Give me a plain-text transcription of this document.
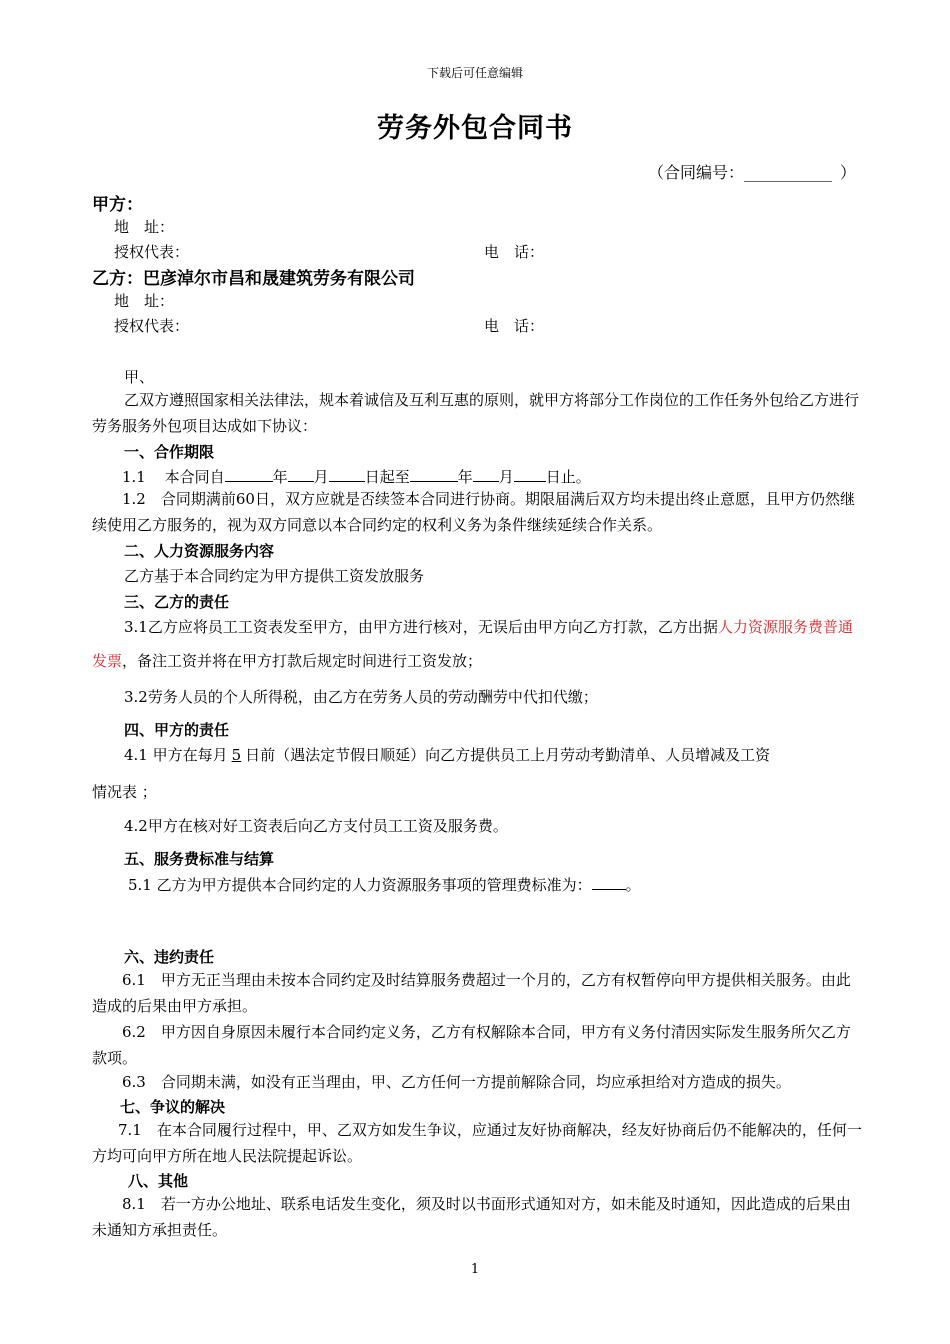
下载后可任意编辑
劳务外包合同书
（合同编号：___________ ）
甲方：
地　址：
授权代表：	电　话：
乙方：巴彦淖尔市昌和晟建筑劳务有限公司
地　址：
授权代表：	电　话：
甲、
乙双方遵照国家相关法律法，规本着诚信及互利互惠的原则，就甲方将部分工作岗位的工作任务外包给乙方进行劳务服务外包项目达成如下协议：
一、合作期限
1.1 本合同自	年 月 日起至	年 月 日止。
1.2　合同期满前60日，双方应就是否续签本合同进行协商。期限届满后双方均未提出终止意愿，且甲方仍然继续使用乙方服务的，视为双方同意以本合同约定的权利义务为条件继续延续合作关系。
二、人力资源服务内容
乙方基于本合同约定为甲方提供工资发放服务
三、乙方的责任
3.1乙方应将员工工资表发至甲方，由甲方进行核对，无误后由甲方向乙方打款，乙方出据人力资源服务费普通发票，备注工资并将在甲方打款后规定时间进行工资发放；
3.2劳务人员的个人所得税，由乙方在劳务人员的劳动酬劳中代扣代缴；
四、甲方的责任
4.1 甲方在每月 5 日前（遇法定节假日顺延）向乙方提供员工上月劳动考勤清单、人员增减及工资
情况表 ；
4.2甲方在核对好工资表后向乙方支付员工工资及服务费。
五、服务费标准与结算
5.1 乙方为甲方提供本合同约定的人力资源服务事项的管理费标准为： 。
六、违约责任
6.1　甲方无正当理由未按本合同约定及时结算服务费超过一个月的，乙方有权暂停向甲方提供相关服务。由此造成的后果由甲方承担。
6.2　甲方因自身原因未履行本合同约定义务，乙方有权解除本合同，甲方有义务付清因实际发生服务所欠乙方款项。
6.3　合同期未满，如没有正当理由，甲、乙方任何一方提前解除合同，均应承担给对方造成的损失。
七、争议的解决
7.1　在本合同履行过程中，甲、乙双方如发生争议，应通过友好协商解决，经友好协商后仍不能解决的，任何一方均可向甲方所在地人民法院提起诉讼。
八、其他
8.1　若一方办公地址、联系电话发生变化，须及时以书面形式通知对方，如未能及时通知，因此造成的后果由未通知方承担责任。
1
